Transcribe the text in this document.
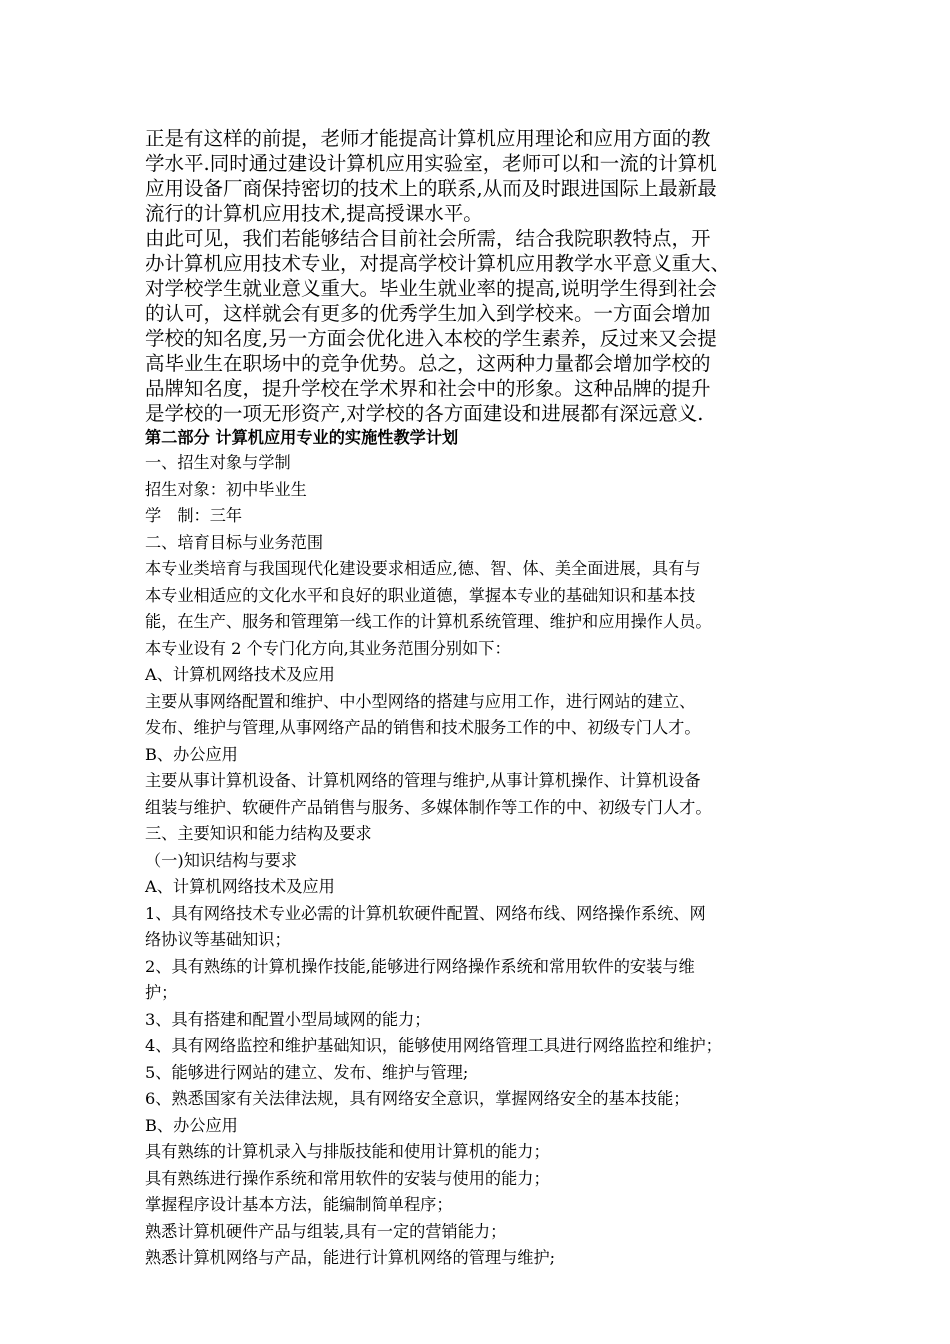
正是有这样的前提，老师才能提高计算机应用理论和应用方面的教
学水平.同时通过建设计算机应用实验室，老师可以和一流的计算机
应用设备厂商保持密切的技术上的联系,从而及时跟进国际上最新最
流行的计算机应用技术,提高授课水平。

由此可见，我们若能够结合目前社会所需，结合我院职教特点，开
办计算机应用技术专业，对提高学校计算机应用教学水平意义重大、
对学校学生就业意义重大。毕业生就业率的提高,说明学生得到社会
的认可，这样就会有更多的优秀学生加入到学校来。一方面会增加
学校的知名度,另一方面会优化进入本校的学生素养，反过来又会提
高毕业生在职场中的竞争优势。总之，这两种力量都会增加学校的
品牌知名度，提升学校在学术界和社会中的形象。这种品牌的提升
是学校的一项无形资产,对学校的各方面建设和进展都有深远意义.

第二部分 计算机应用专业的实施性教学计划

一、招生对象与学制
招生对象：初中毕业生
学　制：三年
二、培育目标与业务范围
本专业类培育与我国现代化建设要求相适应,德、智、体、美全面进展，具有与
本专业相适应的文化水平和良好的职业道德，掌握本专业的基础知识和基本技
能，在生产、服务和管理第一线工作的计算机系统管理、维护和应用操作人员。
本专业设有 2 个专门化方向,其业务范围分别如下：
A、计算机网络技术及应用
主要从事网络配置和维护、中小型网络的搭建与应用工作，进行网站的建立、
发布、维护与管理,从事网络产品的销售和技术服务工作的中、初级专门人才。
B、办公应用
主要从事计算机设备、计算机网络的管理与维护,从事计算机操作、计算机设备
组装与维护、软硬件产品销售与服务、多媒体制作等工作的中、初级专门人才。
三、主要知识和能力结构及要求
（一)知识结构与要求
A、计算机网络技术及应用
1、具有网络技术专业必需的计算机软硬件配置、网络布线、网络操作系统、网
络协议等基础知识；
2、具有熟练的计算机操作技能,能够进行网络操作系统和常用软件的安装与维
护；
3、具有搭建和配置小型局域网的能力；
4、具有网络监控和维护基础知识，能够使用网络管理工具进行网络监控和维护；
5、能够进行网站的建立、发布、维护与管理;
6、熟悉国家有关法律法规，具有网络安全意识，掌握网络安全的基本技能；
B、办公应用
具有熟练的计算机录入与排版技能和使用计算机的能力；
具有熟练进行操作系统和常用软件的安装与使用的能力；
掌握程序设计基本方法，能编制简单程序；
熟悉计算机硬件产品与组装,具有一定的营销能力；
熟悉计算机网络与产品，能进行计算机网络的管理与维护;
